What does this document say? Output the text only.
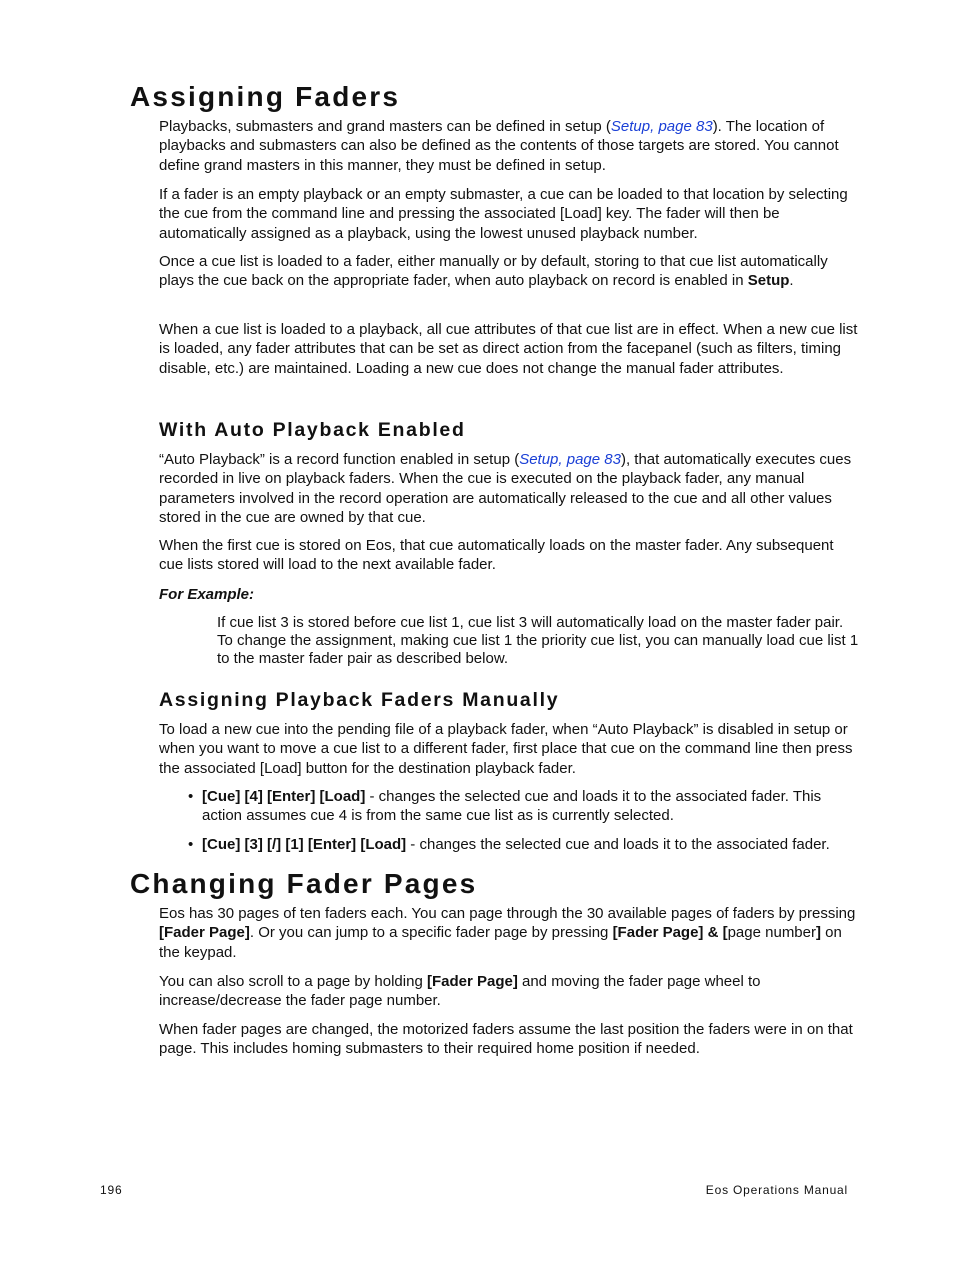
Assigning Faders

Playbacks, submasters and grand masters can be defined in setup (Setup, page 83). The location of playbacks and submasters can also be defined as the contents of those targets are stored. You cannot define grand masters in this manner, they must be defined in setup.

If a fader is an empty playback or an empty submaster, a cue can be loaded to that location by selecting the cue from the command line and pressing the associated [Load] key. The fader will then be automatically assigned as a playback, using the lowest unused playback number.

Once a cue list is loaded to a fader, either manually or by default, storing to that cue list automatically plays the cue back on the appropriate fader, when auto playback on record is enabled in Setup.

When a cue list is loaded to a playback, all cue attributes of that cue list are in effect. When a new cue list is loaded, any fader attributes that can be set as direct action from the facepanel (such as filters, timing disable, etc.) are maintained. Loading a new cue does not change the manual fader attributes.

With Auto Playback Enabled

“Auto Playback” is a record function enabled in setup (Setup, page 83), that automatically executes cues recorded in live on playback faders. When the cue is executed on the playback fader, any manual parameters involved in the record operation are automatically released to the cue and all other values stored in the cue are owned by that cue.

When the first cue is stored on Eos, that cue automatically loads on the master fader. Any subsequent cue lists stored will load to the next available fader.

For Example:

If cue list 3 is stored before cue list 1, cue list 3 will automatically load on the master fader pair. To change the assignment, making cue list 1 the priority cue list, you can manually load cue list 1 to the master fader pair as described below.

Assigning Playback Faders Manually

To load a new cue into the pending file of a playback fader, when “Auto Playback” is disabled in setup or when you want to move a cue list to a different fader, first place that cue on the command line then press the associated [Load] button for the destination playback fader.

• [Cue] [4] [Enter] [Load] - changes the selected cue and loads it to the associated fader. This action assumes cue 4 is from the same cue list as is currently selected.

• [Cue] [3] [/] [1] [Enter] [Load] - changes the selected cue and loads it to the associated fader.

Changing Fader Pages

Eos has 30 pages of ten faders each. You can page through the 30 available pages of faders by pressing [Fader Page]. Or you can jump to a specific fader page by pressing [Fader Page] & [page number] on the keypad.

You can also scroll to a page by holding [Fader Page] and moving the fader page wheel to increase/decrease the fader page number.

When fader pages are changed, the motorized faders assume the last position the faders were in on that page. This includes homing submasters to their required home position if needed.

196	Eos Operations Manual
